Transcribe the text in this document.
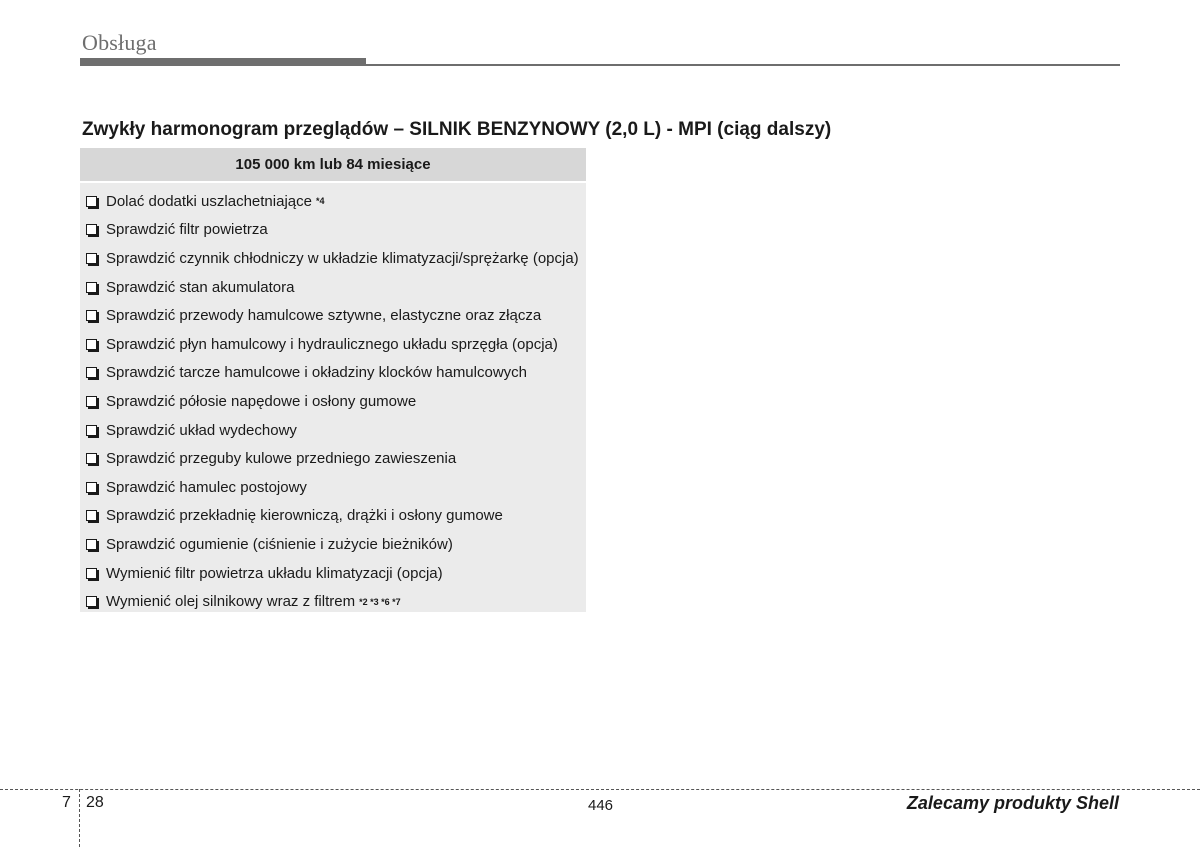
Obsługa
Zwykły harmonogram przeglądów – SILNIK BENZYNOWY (2,0 L) - MPI (ciąg dalszy)
105 000 km lub 84 miesiące
Dolać dodatki uszlachetniające *4
Sprawdzić filtr powietrza
Sprawdzić czynnik chłodniczy w układzie klimatyzacji/sprężarkę (opcja)
Sprawdzić stan akumulatora
Sprawdzić przewody hamulcowe sztywne, elastyczne oraz złącza
Sprawdzić płyn hamulcowy i hydraulicznego układu sprzęgła (opcja)
Sprawdzić tarcze hamulcowe i okładziny klocków hamulcowych
Sprawdzić półosie napędowe i osłony gumowe
Sprawdzić układ wydechowy
Sprawdzić przeguby kulowe przedniego zawieszenia
Sprawdzić hamulec postojowy
Sprawdzić przekładnię kierowniczą, drążki i osłony gumowe
Sprawdzić ogumienie (ciśnienie i zużycie bieżników)
Wymienić filtr powietrza układu klimatyzacji (opcja)
Wymienić olej silnikowy wraz z filtrem *2 *3 *6 *7
7 28	446	Zalecamy produkty Shell
